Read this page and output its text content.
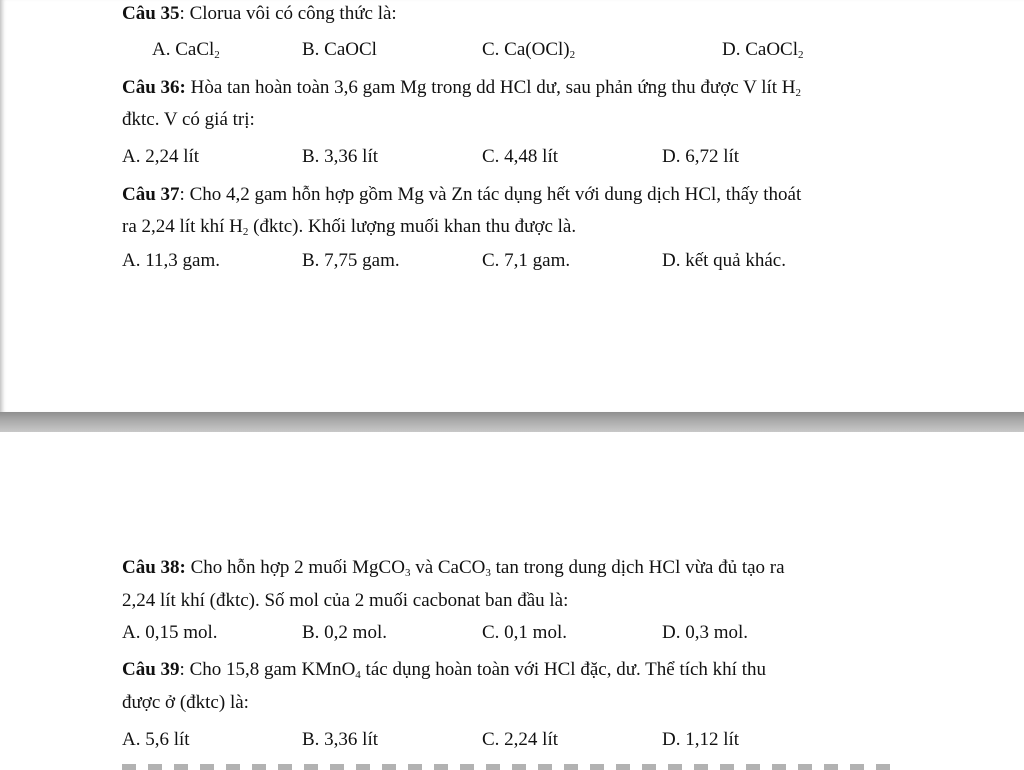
Câu 35: Clorua vôi có công thức là:
A. CaCl$_2$	B. CaOCl	C. $Ca(OCl)_2$	D. CaOCl$_2$
Câu 36: Hòa tan hoàn toàn 3,6 gam Mg trong dd HCl dư, sau phản ứng thu được V lít $H_2$
đktc. V có giá trị:
A. 2,24 lít	B. 3,36 lít	C. 4,48 lít	D. 6,72 lít
Câu 37: Cho 4,2 gam hỗn hợp gồm Mg và Zn tác dụng hết với dung dịch HCl, thấy thoát
ra 2,24 lít khí $H_2$ (đktc). Khối lượng muối khan thu được là.
A. 11,3 gam.	B. 7,75 gam.	C. 7,1 gam.	D. kết quả khác.
Câu 38: Cho hỗn hợp 2 muối MgCO$_3$ và CaCO$_3$ tan trong dung dịch HCl vừa đủ tạo ra
2,24 lít khí (đktc). Số mol của 2 muối cacbonat ban đầu là:
A. 0,15 mol.	B. 0,2 mol.	C. 0,1 mol.	D. 0,3 mol.
Câu 39: Cho 15,8 gam KMnO$_4$ tác dụng hoàn toàn với HCl đặc, dư. Thể tích khí thu
được ở (đktc) là:
A. 5,6 lít	B. 3,36 lít	C. 2,24 lít	D. 1,12 lít
